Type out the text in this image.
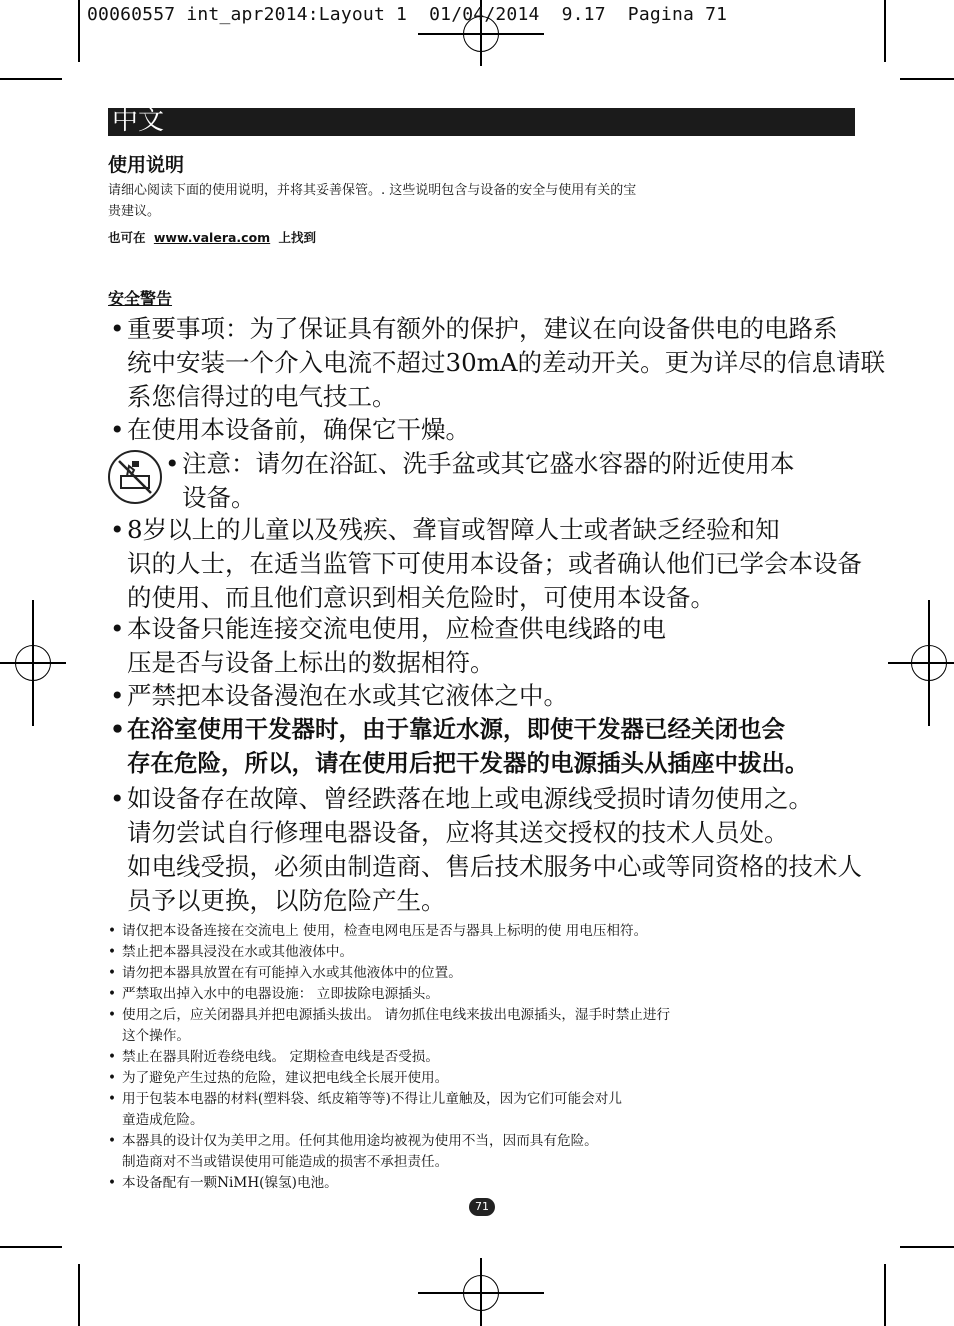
00060557 int_apr2014:Layout 1  01/04/2014  9.17  Pagina 71
中文
使用说明
请细心阅读下面的使用说明，并将其妥善保管。. 这些说明包含与设备的安全与使用有关的宝
贵建议。
也可在 www.valera.com 上找到
安全警告
• 重要事项：为了保证具有额外的保护，建议在向设备供电的电路系
统中安装一个介入电流不超过30mA的差动开关。更为详尽的信息请联
系您信得过的电气技工。
• 在使用本设备前，确保它干燥。
• 注意：请勿在浴缸、洗手盆或其它盛水容器的附近使用本
设备。
• 8岁以上的儿童以及残疾、聋盲或智障人士或者缺乏经验和知
识的人士，在适当监管下可使用本设备；或者确认他们已学会本设备
的使用、而且他们意识到相关危险时，可使用本设备。
• 本设备只能连接交流电使用，应检查供电线路的电
压是否与设备上标出的数据相符。
• 严禁把本设备漫泡在水或其它液体之中。
• 在浴室使用干发器时，由于靠近水源，即使干发器已经关闭也会
存在危险，所以，请在使用后把干发器的电源插头从插座中拔出。
• 如设备存在故障、曾经跌落在地上或电源线受损时请勿使用之。
请勿尝试自行修理电器设备，应将其送交授权的技术人员处。
如电线受损，必须由制造商、售后技术服务中心或等同资格的技术人
员予以更换，以防危险产生。
• 请仅把本设备连接在交流电上 使用，检查电网电压是否与器具上标明的使 用电压相符。
• 禁止把本器具浸没在水或其他液体中。
• 请勿把本器具放置在有可能掉入水或其他液体中的位置。
• 严禁取出掉入水中的电器设施： 立即拔除电源插头。
• 使用之后，应关闭器具并把电源插头拔出。 请勿抓住电线来拔出电源插头，湿手时禁止进行
这个操作。
• 禁止在器具附近卷绕电线。 定期检查电线是否受损。
• 为了避免产生过热的危险，建议把电线全长展开使用。
• 用于包装本电器的材料(塑料袋、纸皮箱等等)不得让儿童触及，因为它们可能会对儿
童造成危险。
• 本器具的设计仅为美甲之用。任何其他用途均被视为使用不当，因而具有危险。
制造商对不当或错误使用可能造成的损害不承担责任。
• 本设备配有一颗NiMH(镍氢)电池。
71
